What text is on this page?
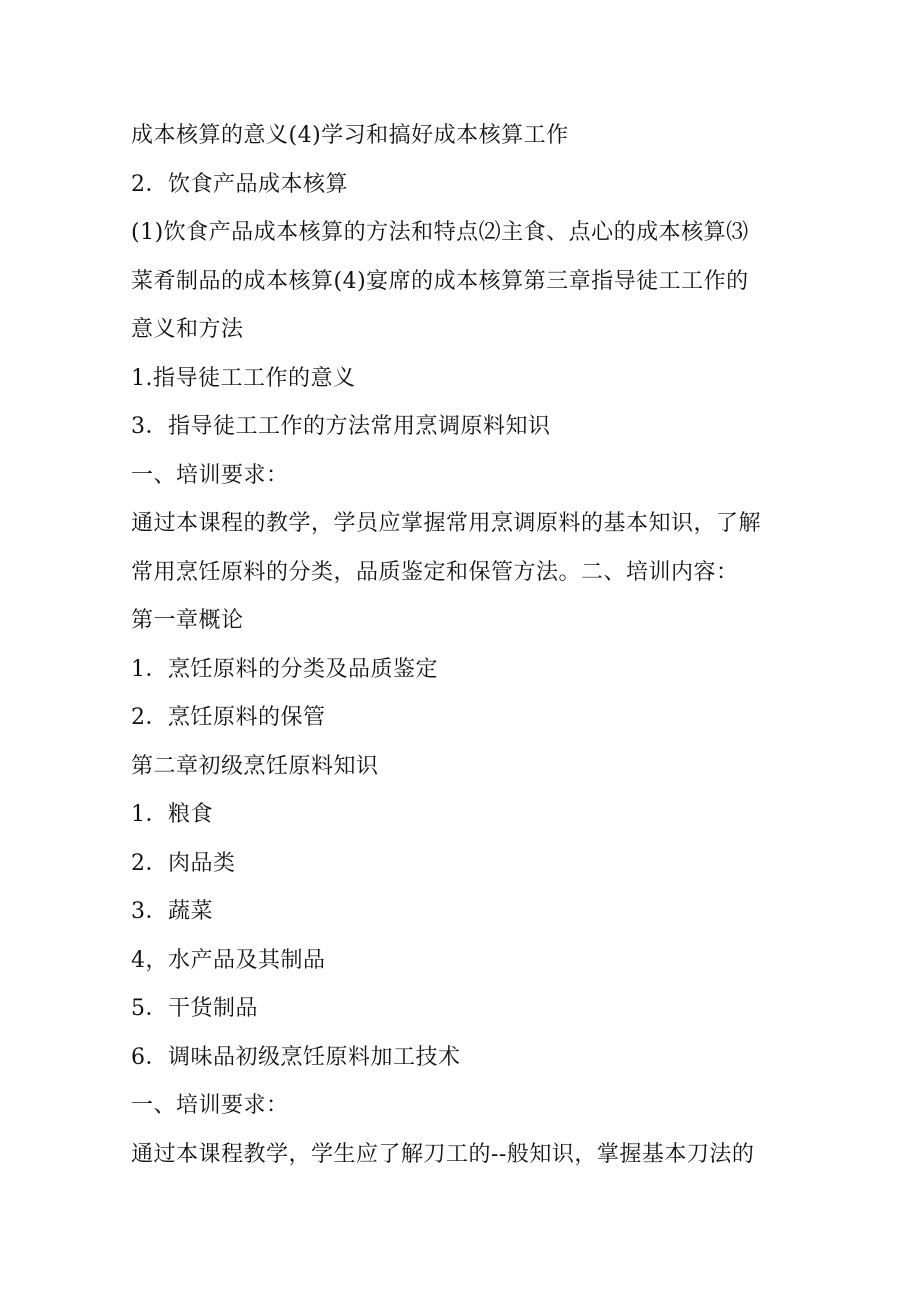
成本核算的意义(4)学习和搞好成本核算工作
2．饮食产品成本核算
(1)饮食产品成本核算的方法和特点⑵主食、点心的成本核算⑶
菜肴制品的成本核算(4)宴席的成本核算第三章指导徒工工作的
意义和方法
1.指导徒工工作的意义
3．指导徒工工作的方法常用烹调原料知识
一、培训要求：
通过本课程的教学，学员应掌握常用烹调原料的基本知识，了解
常用烹饪原料的分类，品质鉴定和保管方法。二、培训内容：
第一章概论
1．烹饪原料的分类及品质鉴定
2．烹饪原料的保管
第二章初级烹饪原料知识
1．粮食
2．肉品类
3．蔬菜
4，水产品及其制品
5．干货制品
6．调味品初级烹饪原料加工技术
一、培训要求：
通过本课程教学，学生应了解刀工的--般知识，掌握基本刀法的
